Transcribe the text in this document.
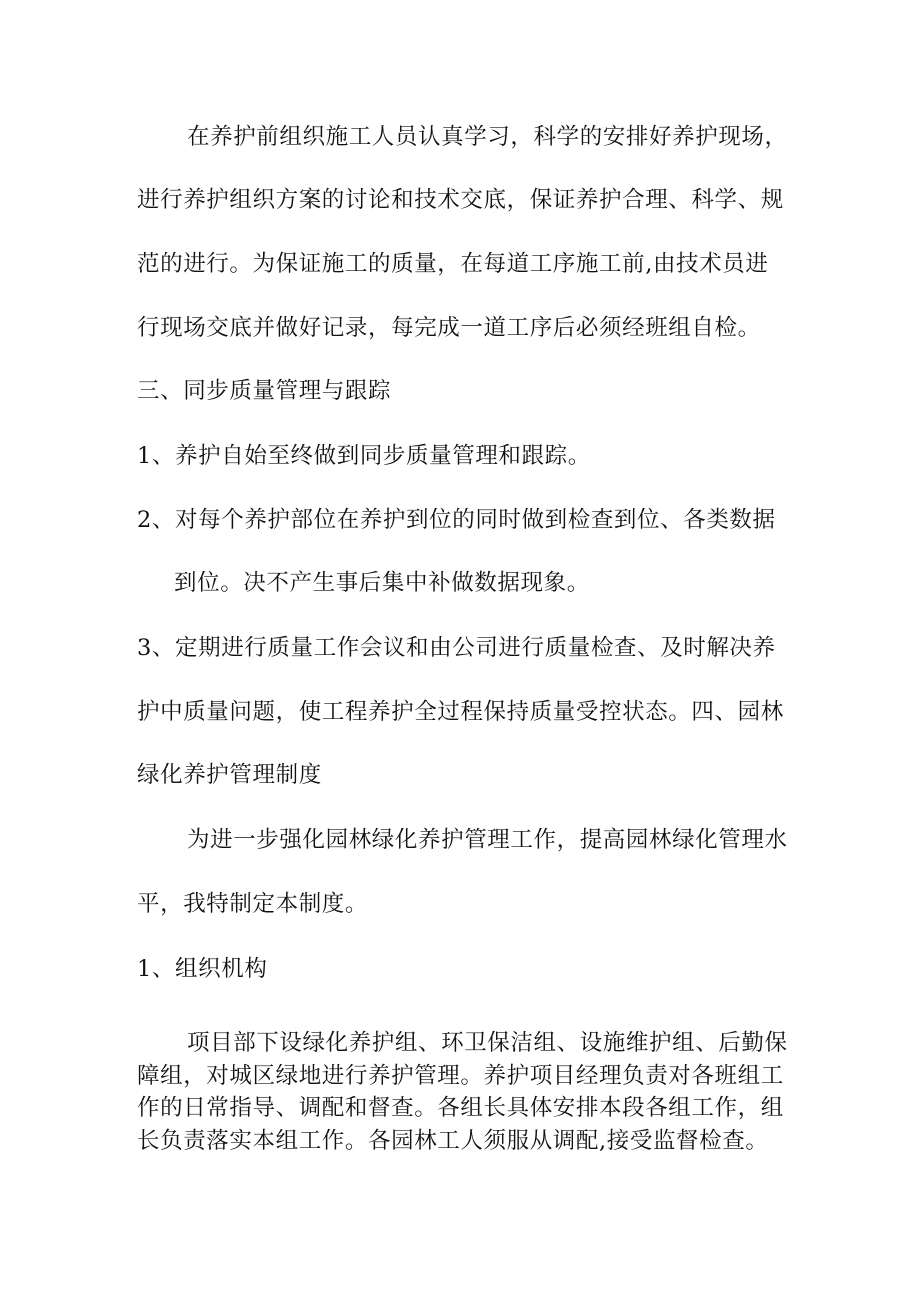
在养护前组织施工人员认真学习，科学的安排好养护现场，
进行养护组织方案的讨论和技术交底，保证养护合理、科学、规
范的进行。为保证施工的质量，在每道工序施工前,由技术员进
行现场交底并做好记录，每完成一道工序后必须经班组自检。
三、同步质量管理与跟踪
1、养护自始至终做到同步质量管理和跟踪。
2、对每个养护部位在养护到位的同时做到检查到位、各类数据
到位。决不产生事后集中补做数据现象。
3、定期进行质量工作会议和由公司进行质量检查、及时解决养
护中质量问题，使工程养护全过程保持质量受控状态。四、园林
绿化养护管理制度
为进一步强化园林绿化养护管理工作，提高园林绿化管理水
平，我特制定本制度。
1、组织机构
项目部下设绿化养护组、环卫保洁组、设施维护组、后勤保
障组，对城区绿地进行养护管理。养护项目经理负责对各班组工
作的日常指导、调配和督查。各组长具体安排本段各组工作，组
长负责落实本组工作。各园林工人须服从调配,接受监督检查。
